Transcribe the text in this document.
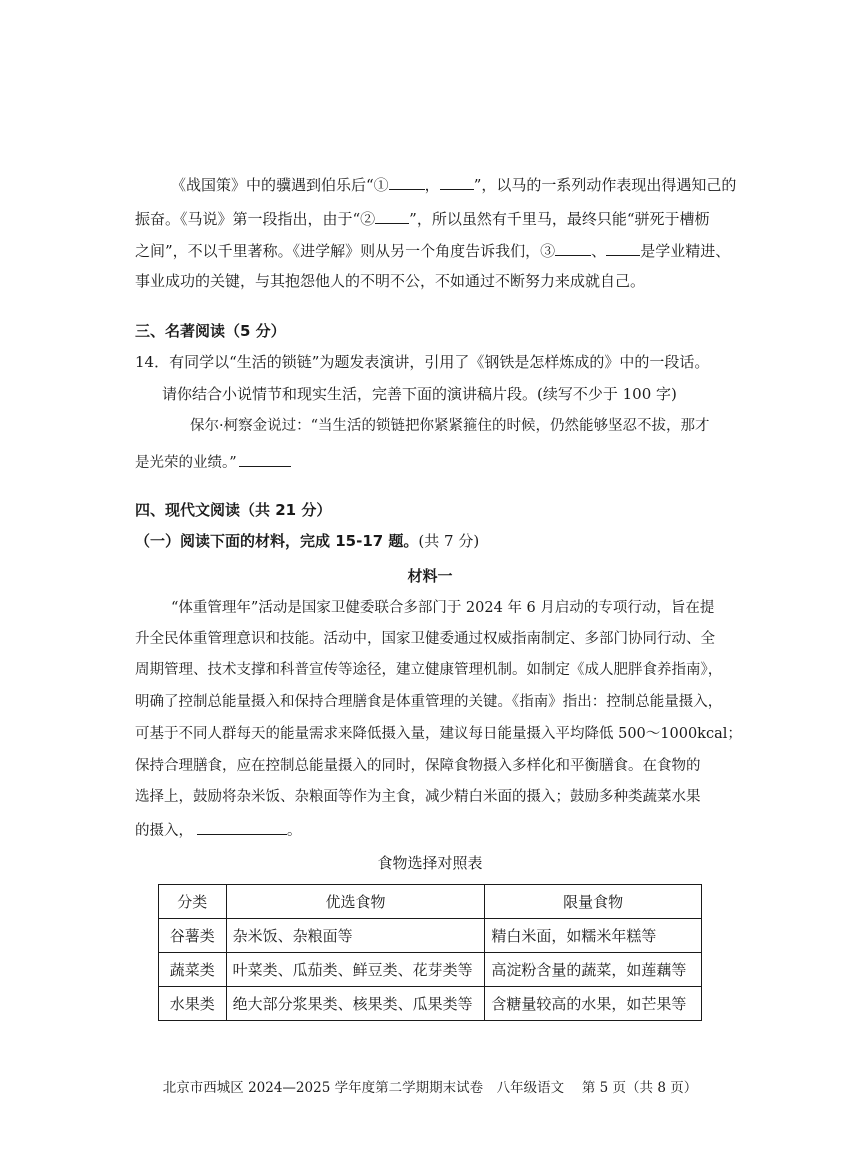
《战国策》中的骥遇到伯乐后“① ， ”，以马的一系列动作表现出得遇知己的
振奋。《马说》第一段指出，由于“② ”，所以虽然有千里马，最终只能“骈死于槽枥
之间”，不以千里著称。《进学解》则从另一个角度告诉我们，③ 、 是学业精进、
事业成功的关键，与其抱怨他人的不明不公，不如通过不断努力来成就自己。
三、名著阅读（5 分）
14．有同学以“生活的锁链”为题发表演讲，引用了《钢铁是怎样炼成的》中的一段话。
请你结合小说情节和现实生活，完善下面的演讲稿片段。(续写不少于 100 字)
保尔·柯察金说过：“当生活的锁链把你紧紧箍住的时候，仍然能够坚忍不拔，那才
是光荣的业绩。”
四、现代文阅读（共 21 分）
（一）阅读下面的材料，完成 15-17 题。(共 7 分)
材料一
“体重管理年”活动是国家卫健委联合多部门于 2024 年 6 月启动的专项行动，旨在提
升全民体重管理意识和技能。活动中，国家卫健委通过权威指南制定、多部门协同行动、全
周期管理、技术支撑和科普宣传等途径，建立健康管理机制。如制定《成人肥胖食养指南》，
明确了控制总能量摄入和保持合理膳食是体重管理的关键。《指南》指出：控制总能量摄入，
可基于不同人群每天的能量需求来降低摄入量，建议每日能量摄入平均降低 500～1000kcal；
保持合理膳食，应在控制总能量摄入的同时，保障食物摄入多样化和平衡膳食。在食物的
选择上，鼓励将杂米饭、杂粮面等作为主食，减少精白米面的摄入；鼓励多种类蔬菜水果
的摄入，	。
食物选择对照表
分类	优选食物	限量食物
谷薯类	杂米饭、杂粮面等	精白米面，如糯米年糕等
蔬菜类	叶菜类、瓜茄类、鲜豆类、花芽类等	高淀粉含量的蔬菜，如莲藕等
水果类	绝大部分浆果类、核果类、瓜果类等	含糖量较高的水果，如芒果等
北京市西城区 2024—2025 学年度第二学期期末试卷　八年级语文　 第 5 页（共 8 页）
